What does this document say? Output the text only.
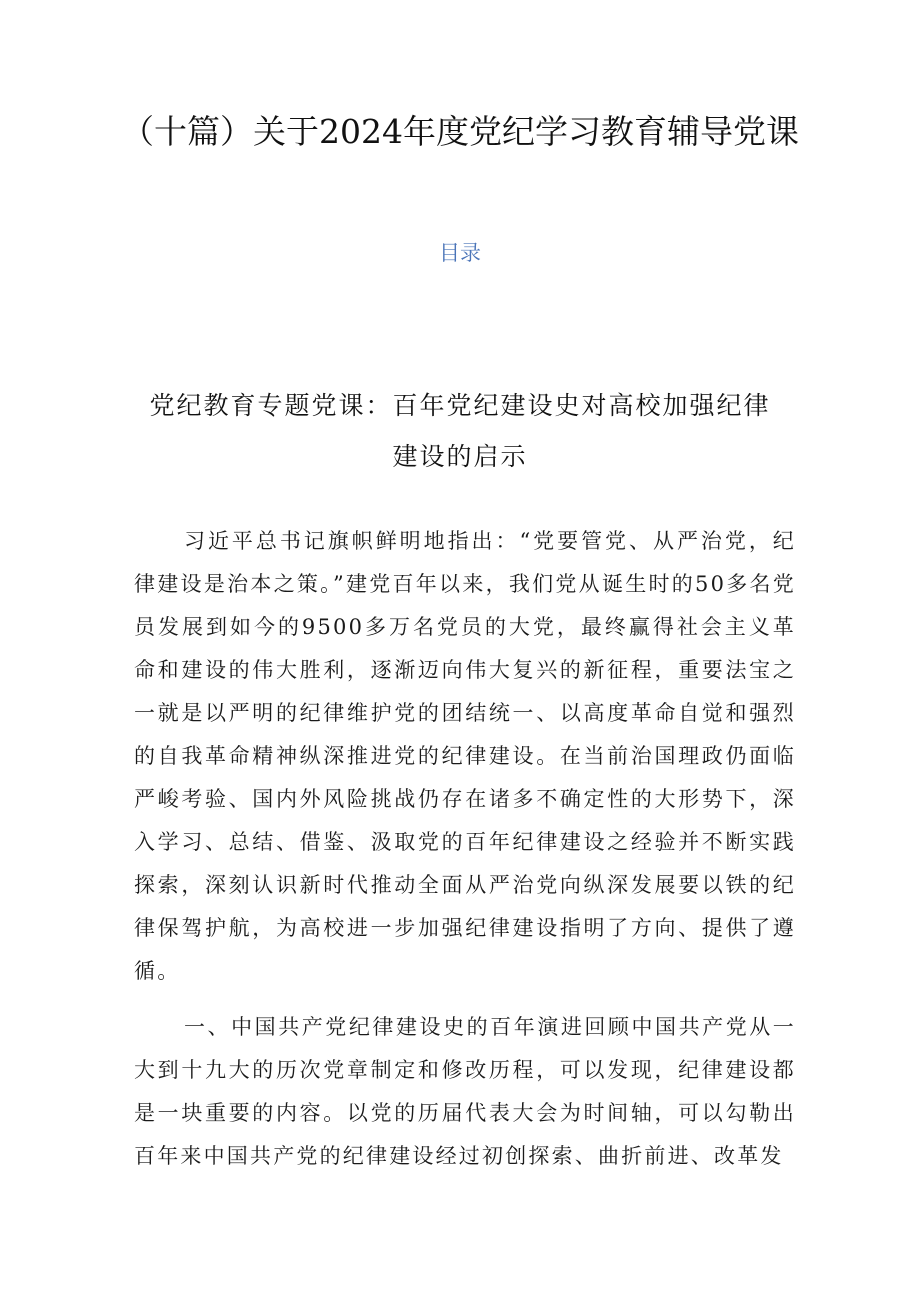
（十篇）关于2024年度党纪学习教育辅导党课
目录
党纪教育专题党课：百年党纪建设史对高校加强纪律建设的启示

习近平总书记旗帜鲜明地指出：“党要管党、从严治党，纪律建设是治本之策。”建党百年以来，我们党从诞生时的50多名党员发展到如今的9500多万名党员的大党，最终赢得社会主义革命和建设的伟大胜利，逐渐迈向伟大复兴的新征程，重要法宝之一就是以严明的纪律维护党的团结统一、以高度革命自觉和强烈的自我革命精神纵深推进党的纪律建设。在当前治国理政仍面临严峻考验、国内外风险挑战仍存在诸多不确定性的大形势下，深入学习、总结、借鉴、汲取党的百年纪律建设之经验并不断实践探索，深刻认识新时代推动全面从严治党向纵深发展要以铁的纪律保驾护航，为高校进一步加强纪律建设指明了方向、提供了遵循。

一、中国共产党纪律建设史的百年演进回顾中国共产党从一大到十九大的历次党章制定和修改历程，可以发现，纪律建设都是一块重要的内容。以党的历届代表大会为时间轴，可以勾勒出百年来中国共产党的纪律建设经过初创探索、曲折前进、改革发
